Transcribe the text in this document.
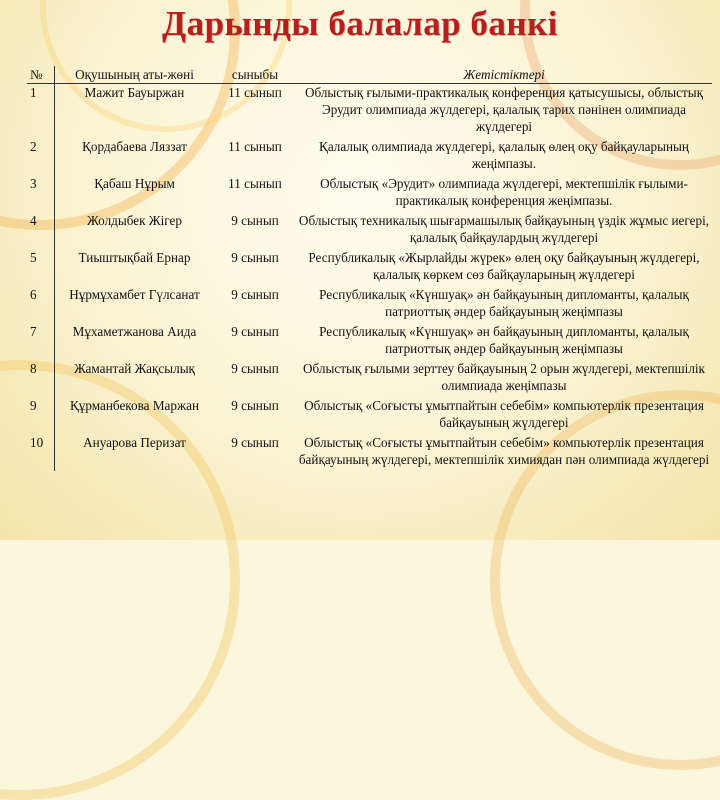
Дарынды балалар банкі
№	Оқушының аты-жөні	сыныбы	Жетістіктері
1	Мажит Бауыржан	11 сынып	Облыстық ғылыми-практикалық конференция қатысушысы, облыстық Эрудит олимпиада жүлдегері, қалалық тарих пәнінен олимпиада жүлдегері
2	Қордабаева Ляззат	11 сынып	Қалалық олимпиада жүлдегері, қалалық өлең оқу байқауларының жеңімпазы.
3	Қабаш Нұрым	11 сынып	Облыстық «Эрудит» олимпиада жүлдегері, мектепшілік ғылыми-практикалық конференция жеңімпазы.
4	Жолдыбек Жігер	9 сынып	Облыстық техникалық шығармашылық байқауының үздік жұмыс иегері, қалалық байқаулардың жүлдегері
5	Тиыштықбай Ернар	9 сынып	Республикалық «Жырлайды жүрек» өлең оқу байқауының жүлдегері, қалалық көркем сөз байқауларының жүлдегері
6	Нұрмұхамбет Гүлсанат	9 сынып	Республикалық «Күншуақ» ән байқауының дипломанты, қалалық патриоттық әндер байқауының жеңімпазы
7	Мұхаметжанова Аида	9 сынып	Республикалық «Күншуақ» ән байқауының дипломанты, қалалық патриоттық әндер байқауының жеңімпазы
8	Жамантай Жақсылық	9 сынып	Облыстық ғылыми зерттеу байқауының 2 орын жүлдегері, мектепшілік олимпиада жеңімпазы
9	Құрманбекова Маржан	9 сынып	Облыстық «Соғысты ұмытпайтын себебім» компьютерлік презентация байқауының жүлдегері
10	Ануарова Перизат	9 сынып	Облыстық «Соғысты ұмытпайтын себебім» компьютерлік презентация байқауының жүлдегері, мектепшілік химиядан пән олимпиада жүлдегері
